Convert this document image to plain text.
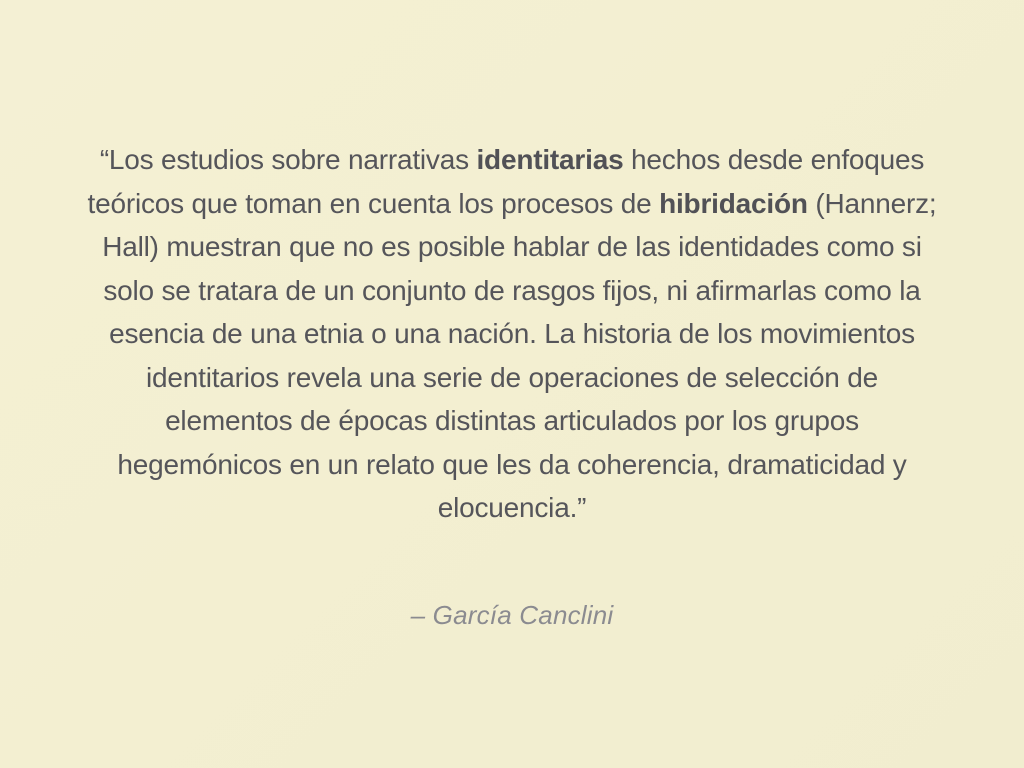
“Los estudios sobre narrativas identitarias hechos desde enfoques teóricos que toman en cuenta los procesos de hibridación (Hannerz; Hall) muestran que no es posible hablar de las identidades como si solo se tratara de un conjunto de rasgos fijos, ni afirmarlas como la esencia de una etnia o una nación. La historia de los movimientos identitarios revela una serie de operaciones de selección de elementos de épocas distintas articulados por los grupos hegemónicos en un relato que les da coherencia, dramaticidad y elocuencia.”

– García Canclini
